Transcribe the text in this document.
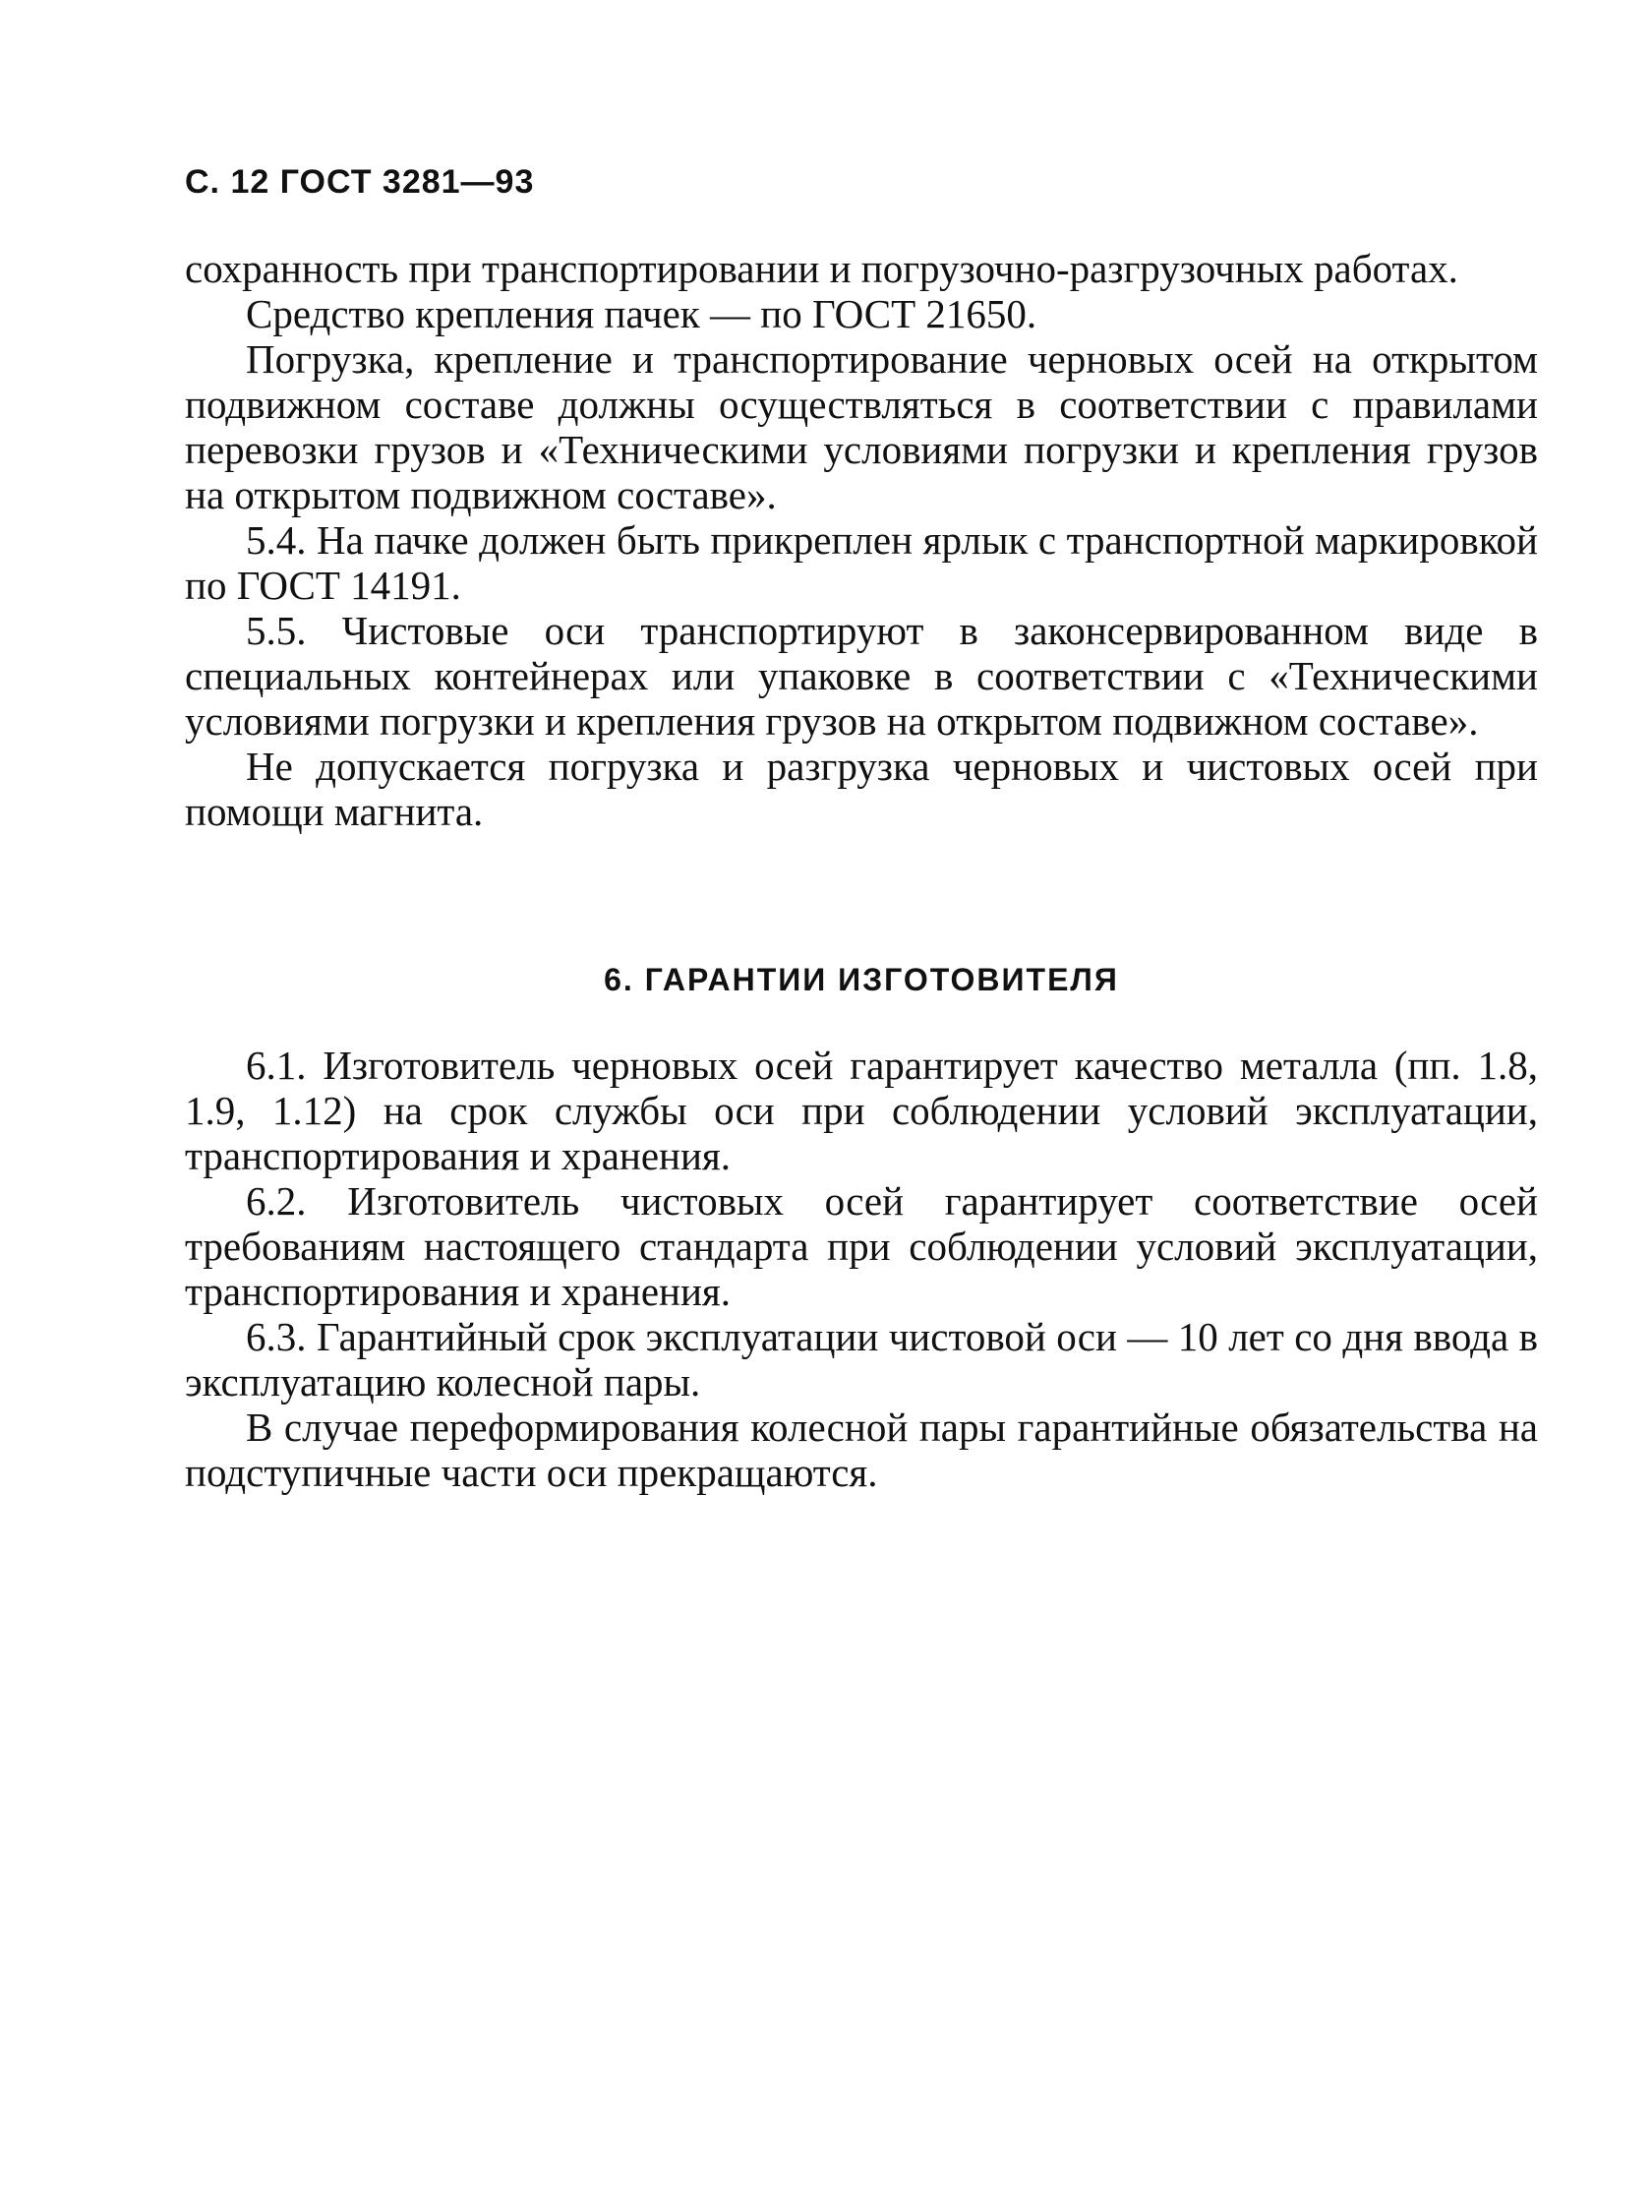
С. 12 ГОСТ 3281—93

сохранность при транспортировании и погрузочно-разгрузочных работах.

Средство крепления пачек — по ГОСТ 21650.

Погрузка, крепление и транспортирование черновых осей на открытом подвижном составе должны осуществляться в соответствии с правилами перевозки грузов и «Техническими условиями погрузки и крепления грузов на открытом подвижном составе».

5.4. На пачке должен быть прикреплен ярлык с транспортной маркировкой по ГОСТ 14191.

5.5. Чистовые оси транспортируют в законсервированном виде в специальных контейнерах или упаковке в соответствии с «Техническими условиями погрузки и крепления грузов на открытом подвижном составе».

Не допускается погрузка и разгрузка черновых и чистовых осей при помощи магнита.

6. ГАРАНТИИ ИЗГОТОВИТЕЛЯ

6.1. Изготовитель черновых осей гарантирует качество металла (пп. 1.8, 1.9, 1.12) на срок службы оси при соблюдении условий эксплуатации, транспортирования и хранения.

6.2. Изготовитель чистовых осей гарантирует соответствие осей требованиям настоящего стандарта при соблюдении условий эксплуатации, транспортирования и хранения.

6.3. Гарантийный срок эксплуатации чистовой оси — 10 лет со дня ввода в эксплуатацию колесной пары.

В случае переформирования колесной пары гарантийные обязательства на подступичные части оси прекращаются.
